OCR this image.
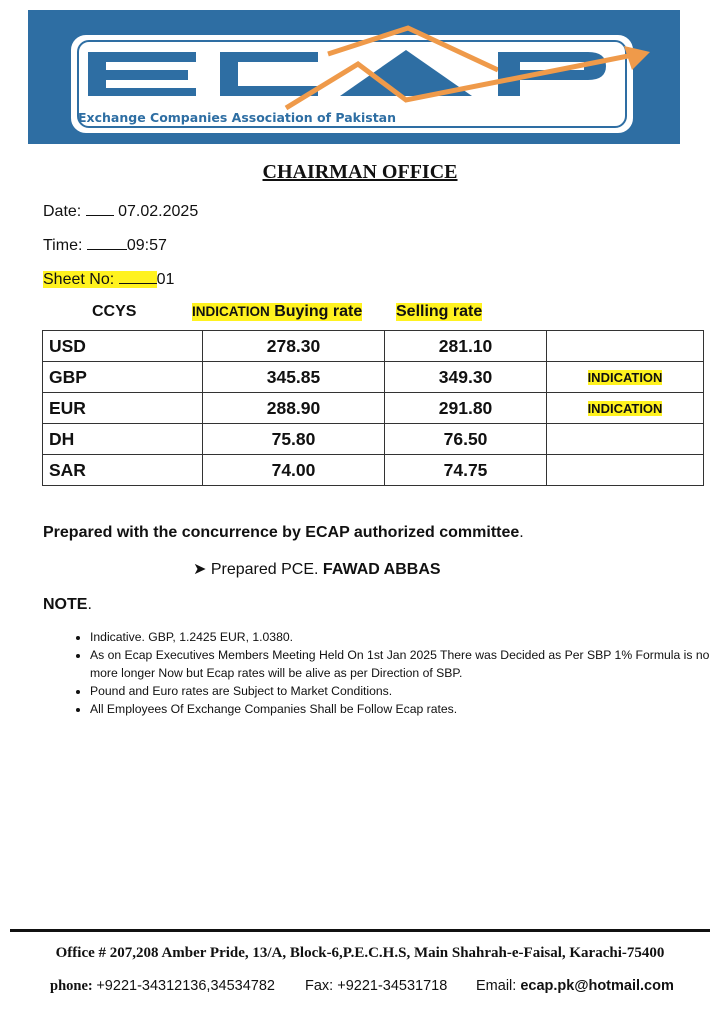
Exchange Companies Association of Pakistan
CHAIRMAN OFFICE
Date:  07.02.2025
Time:	09:57
Sheet No: 01
CCYS	INDICATION Buying rate Selling rate
USD	278.30	281.10	
GBP	345.85	349.30	INDICATION
EUR	288.90	291.80	INDICATION
DH	75.80	76.50	
SAR	74.00	74.75	
Prepared with the concurrence by ECAP authorized committee.
➤ Prepared PCE. FAWAD ABBAS
NOTE.
• Indicative. GBP, 1.2425 EUR, 1.0380.
• As on Ecap Executives Members Meeting Held On 1st Jan 2025 There was Decided as Per SBP 1% Formula is no more longer Now but Ecap rates will be alive as per Direction of SBP.
• Pound and Euro rates are Subject to Market Conditions.
• All Employees Of Exchange Companies Shall be Follow Ecap rates.
Office # 207,208 Amber Pride, 13/A, Block-6,P.E.C.H.S, Main Shahrah-e-Faisal, Karachi-75400
phone: +9221-34312136,34534782 Fax: +9221-34531718 Email: ecap.pk@hotmail.com
